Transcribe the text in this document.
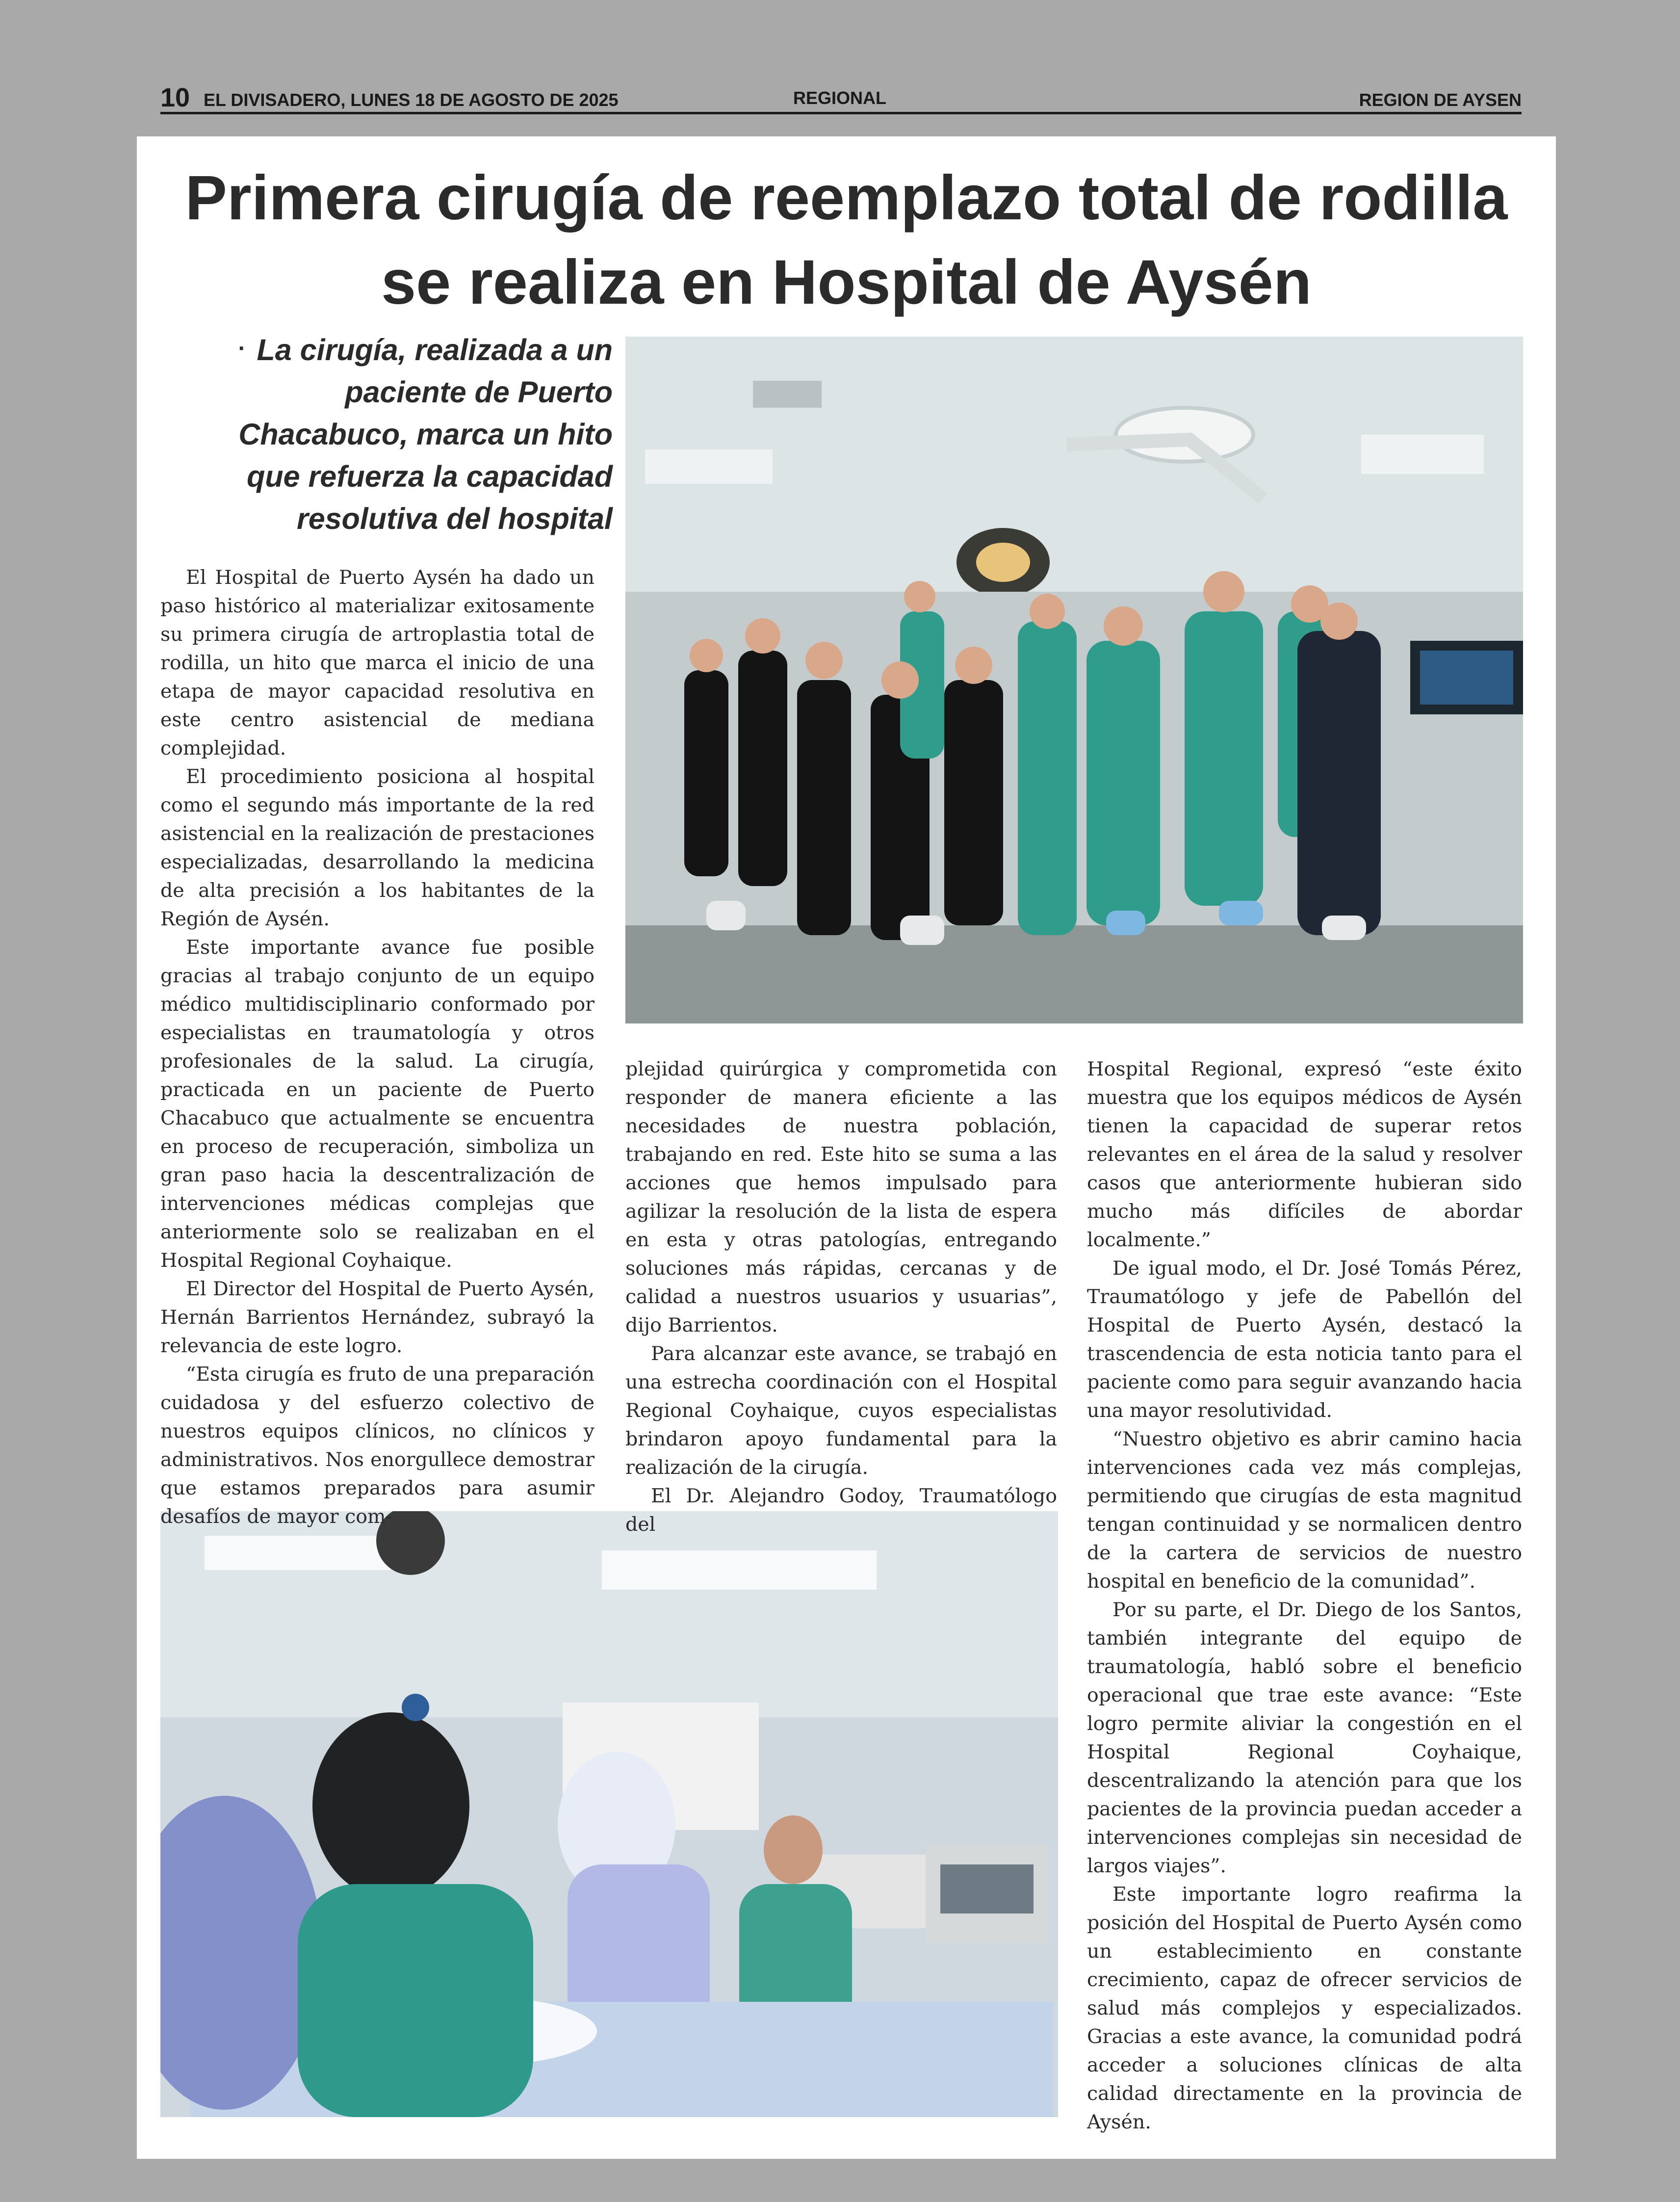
10 EL DIVISADERO, LUNES 18 DE AGOSTO DE 2025	REGIONAL	REGION DE AYSEN
Primera cirugía de reemplazo total de rodilla
se realiza en Hospital de Aysén
· La cirugía, realizada a un paciente de Puerto Chacabuco, marca un hito que refuerza la capacidad resolutiva del hospital

El Hospital de Puerto Aysén ha dado un paso histórico al materializar exitosamente su primera cirugía de artroplastia total de rodilla, un hito que marca el inicio de una etapa de mayor capacidad resolutiva en este centro asistencial de mediana complejidad.

El procedimiento posiciona al hospital como el segundo más importante de la red asistencial en la realización de prestaciones especializadas, desarrollando la medicina de alta precisión a los habitantes de la Región de Aysén.

Este importante avance fue posible gracias al trabajo conjunto de un equipo médico multidisciplinario conformado por especialistas en traumatología y otros profesionales de la salud. La cirugía, practicada en un paciente de Puerto Chacabuco que actualmente se encuentra en proceso de recuperación, simboliza un gran paso hacia la descentralización de intervenciones médicas complejas que anteriormente solo se realizaban en el Hospital Regional Coyhaique.

El Director del Hospital de Puerto Aysén, Hernán Barrientos Hernández, subrayó la relevancia de este logro.

“Esta cirugía es fruto de una preparación cuidadosa y del esfuerzo colectivo de nuestros equipos clínicos, no clínicos y administrativos. Nos enorgullece demostrar que estamos preparados para asumir desafíos de mayor com-

plejidad quirúrgica y comprometida con responder de manera eficiente a las necesidades de nuestra población, trabajando en red. Este hito se suma a las acciones que hemos impulsado para agilizar la resolución de la lista de espera en esta y otras patologías, entregando soluciones más rápidas, cercanas y de calidad a nuestros usuarios y usuarias”, dijo Barrientos.

Para alcanzar este avance, se trabajó en una estrecha coordinación con el Hospital Regional Coyhaique, cuyos especialistas brindaron apoyo fundamental para la realización de la cirugía.

El Dr. Alejandro Godoy, Traumatólogo del

Hospital Regional, expresó “este éxito muestra que los equipos médicos de Aysén tienen la capacidad de superar retos relevantes en el área de la salud y resolver casos que anteriormente hubieran sido mucho más difíciles de abordar localmente.”

De igual modo, el Dr. José Tomás Pérez, Traumatólogo y jefe de Pabellón del Hospital de Puerto Aysén, destacó la trascendencia de esta noticia tanto para el paciente como para seguir avanzando hacia una mayor resolutividad.

“Nuestro objetivo es abrir camino hacia intervenciones cada vez más complejas, permitiendo que cirugías de esta magnitud tengan continuidad y se normalicen dentro de la cartera de servicios de nuestro hospital en beneficio de la comunidad”.

Por su parte, el Dr. Diego de los Santos, también integrante del equipo de traumatología, habló sobre el beneficio operacional que trae este avance: “Este logro permite aliviar la congestión en el Hospital Regional Coyhaique, descentralizando la atención para que los pacientes de la provincia puedan acceder a intervenciones complejas sin necesidad de largos viajes”.

Este importante logro reafirma la posición del Hospital de Puerto Aysén como un establecimiento en constante crecimiento, capaz de ofrecer servicios de salud más complejos y especializados. Gracias a este avance, la comunidad podrá acceder a soluciones clínicas de alta calidad directamente en la provincia de Aysén.
